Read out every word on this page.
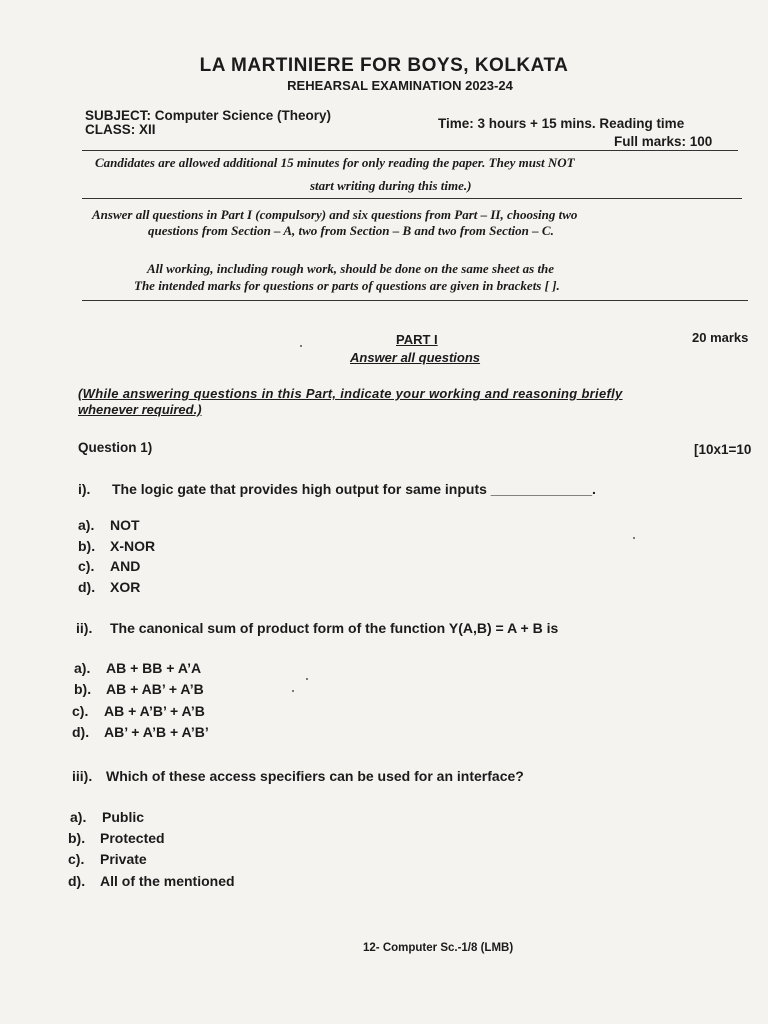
LA MARTINIERE FOR BOYS, KOLKATA
REHEARSAL EXAMINATION 2023-24
SUBJECT: Computer Science (Theory)
CLASS: XII	Time: 3 hours + 15 mins. Reading time
Full marks: 100
Candidates are allowed additional 15 minutes for only reading the paper. They must NOT
start writing during this time.)
Answer all questions in Part I (compulsory) and six questions from Part – II, choosing two
questions from Section – A, two from Section – B and two from Section – C.
All working, including rough work, should be done on the same sheet as the
The intended marks for questions or parts of questions are given in brackets [ ].
PART I	20 marks
Answer all questions
(While answering questions in this Part, indicate your working and reasoning briefly
whenever required.)
Question 1)	[10x1=10
i). The logic gate that provides high output for same inputs _____________.
a). NOT
b). X-NOR
c). AND
d). XOR
ii). The canonical sum of product form of the function Y(A,B) = A + B is
a). AB + BB + A’A
b). AB + AB’ + A’B
c). AB + A’B’ + A’B
d). AB’ + A’B + A’B’
iii). Which of these access specifiers can be used for an interface?
a). Public
b). Protected
c). Private
d). All of the mentioned
12- Computer Sc.-1/8 (LMB)
